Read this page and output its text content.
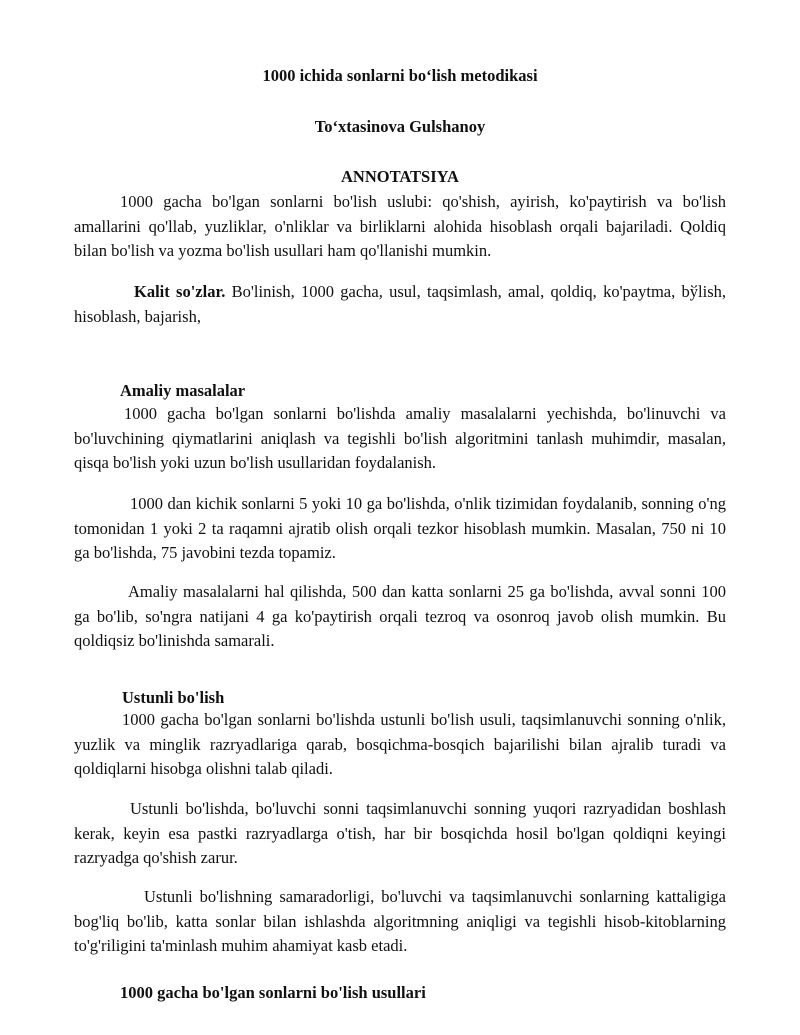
1000 ichida sonlarni bo‘lish metodikasi

To‘xtasinova Gulshanoy

ANNOTATSIYA

1000 gacha bo'lgan sonlarni bo'lish uslubi: qo'shish, ayirish, ko'paytirish va bo'lish amallarini qo'llab, yuzliklar, o'nliklar va birliklarni alohida hisoblash orqali bajariladi. Qoldiq bilan bo'lish va yozma bo'lish usullari ham qo'llanishi mumkin.

Kalit so'zlar. Bo'linish, 1000 gacha, usul, taqsimlash, amal, qoldiq, ko'paytma, bўlish, hisoblash, bajarish,

Amaliy masalalar

1000 gacha bo'lgan sonlarni bo'lishda amaliy masalalarni yechishda, bo'linuvchi va bo'luvchining qiymatlarini aniqlash va tegishli bo'lish algoritmini tanlash muhimdir, masalan, qisqa bo'lish yoki uzun bo'lish usullaridan foydalanish.

1000 dan kichik sonlarni 5 yoki 10 ga bo'lishda, o'nlik tizimidan foydalanib, sonning o'ng tomonidan 1 yoki 2 ta raqamni ajratib olish orqali tezkor hisoblash mumkin. Masalan, 750 ni 10 ga bo'lishda, 75 javobini tezda topamiz.

Amaliy masalalarni hal qilishda, 500 dan katta sonlarni 25 ga bo'lishda, avval sonni 100 ga bo'lib, so'ngra natijani 4 ga ko'paytirish orqali tezroq va osonroq javob olish mumkin. Bu qoldiqsiz bo'linishda samarali.

Ustunli bo'lish

1000 gacha bo'lgan sonlarni bo'lishda ustunli bo'lish usuli, taqsimlanuvchi sonning o'nlik, yuzlik va minglik razryadlariga qarab, bosqichma-bosqich bajarilishi bilan ajralib turadi va qoldiqlarni hisobga olishni talab qiladi.

Ustunli bo'lishda, bo'luvchi sonni taqsimlanuvchi sonning yuqori razryadidan boshlash kerak, keyin esa pastki razryadlarga o'tish, har bir bosqichda hosil bo'lgan qoldiqni keyingi razryadga qo'shish zarur.

Ustunli bo'lishning samaradorligi, bo'luvchi va taqsimlanuvchi sonlarning kattaligiga bog'liq bo'lib, katta sonlar bilan ishlashda algoritmning aniqligi va tegishli hisob-kitoblarning to'g'riligini ta'minlash muhim ahamiyat kasb etadi.

1000 gacha bo'lgan sonlarni bo'lish usullari
